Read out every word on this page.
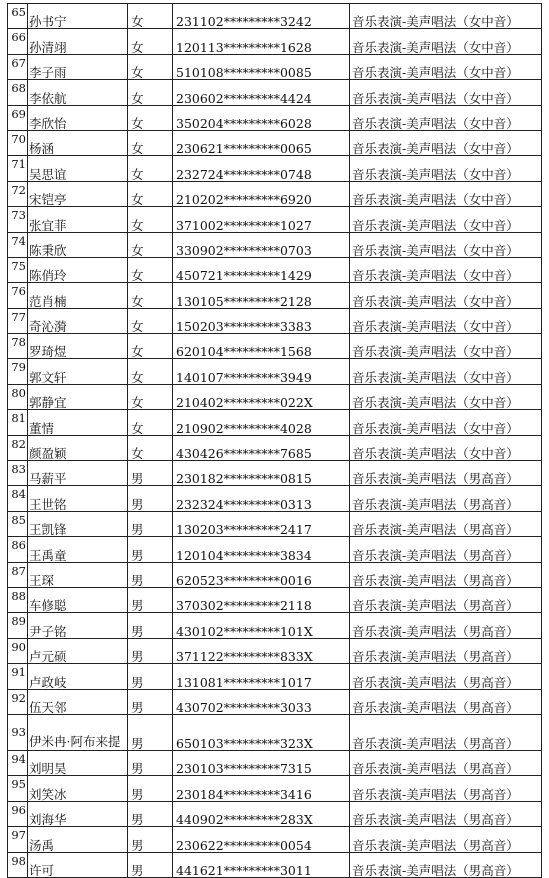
65	孙书宁	女	231102*********3242	音乐表演-美声唱法（女中音）
66	孙清翊	女	120113*********1628	音乐表演-美声唱法（女中音）
67	李子雨	女	510108*********0085	音乐表演-美声唱法（女中音）
68	李依航	女	230602*********4424	音乐表演-美声唱法（女中音）
69	李欣怡	女	350204*********6028	音乐表演-美声唱法（女中音）
70	杨涵	女	230621*********0065	音乐表演-美声唱法（女中音）
71	吴思谊	女	232724*********0748	音乐表演-美声唱法（女中音）
72	宋铠亭	女	210202*********6920	音乐表演-美声唱法（女中音）
73	张宜菲	女	371002*********1027	音乐表演-美声唱法（女中音）
74	陈秉欣	女	330902*********0703	音乐表演-美声唱法（女中音）
75	陈俏玲	女	450721*********1429	音乐表演-美声唱法（女中音）
76	范肖楠	女	130105*********2128	音乐表演-美声唱法（女中音）
77	奇沁漪	女	150203*********3383	音乐表演-美声唱法（女中音）
78	罗琦煜	女	620104*********1568	音乐表演-美声唱法（女中音）
79	郭文轩	女	140107*********3949	音乐表演-美声唱法（女中音）
80	郭静宜	女	210402*********022X	音乐表演-美声唱法（女中音）
81	董情	女	210902*********4028	音乐表演-美声唱法（女中音）
82	颜盈颖	女	430426*********7685	音乐表演-美声唱法（女中音）
83	马薪平	男	230182*********0815	音乐表演-美声唱法（男高音）
84	王世铭	男	232324*********0313	音乐表演-美声唱法（男高音）
85	王凯锋	男	130203*********2417	音乐表演-美声唱法（男高音）
86	王禹童	男	120104*********3834	音乐表演-美声唱法（男高音）
87	王琛	男	620523*********0016	音乐表演-美声唱法（男高音）
88	车修聪	男	370302*********2118	音乐表演-美声唱法（男高音）
89	尹子铭	男	430102*********101X	音乐表演-美声唱法（男高音）
90	卢元硕	男	371122*********833X	音乐表演-美声唱法（男高音）
91	卢政岐	男	131081*********1017	音乐表演-美声唱法（男高音）
92	伍天邻	男	430702*********3033	音乐表演-美声唱法（男高音）
93	伊米冉·阿布来提	男	650103*********323X	音乐表演-美声唱法（男高音）
94	刘明昊	男	230103*********7315	音乐表演-美声唱法（男高音）
95	刘笑冰	男	230184*********3416	音乐表演-美声唱法（男高音）
96	刘海华	男	440902*********283X	音乐表演-美声唱法（男高音）
97	汤禹	男	230622*********0054	音乐表演-美声唱法（男高音）
98	许可	男	441621*********3011	音乐表演-美声唱法（男高音）
